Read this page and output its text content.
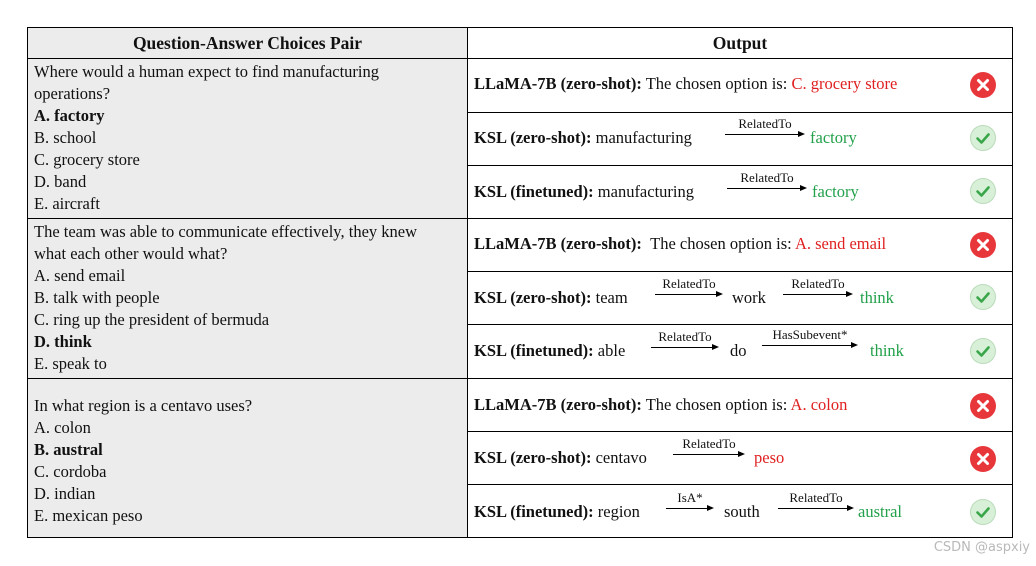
Question-Answer Choices Pair	Output
Where would a human expect to find manufacturing
operations?
A. factory
B. school
C. grocery store
D. band
E. aircraft
The team was able to communicate effectively, they knew
what each other would what?
A. send email
B. talk with people
C. ring up the president of bermuda
D. think
E. speak to
In what region is a centavo uses?
A. colon
B. austral
C. cordoba
D. indian
E. mexican peso
LLaMA-7B (zero-shot): The chosen option is: C. grocery store
KSL (zero-shot): manufacturing
RelatedTo
factory
KSL (finetuned): manufacturing
RelatedTo
factory
LLaMA-7B (zero-shot): The chosen option is: A. send email
KSL (zero-shot): team
RelatedTo
work
RelatedTo
think
KSL (finetuned): able
RelatedTo
do
HasSubevent*
think
LLaMA-7B (zero-shot): The chosen option is: A. colon
KSL (zero-shot): centavo
RelatedTo
peso
KSL (finetuned): region
IsA*
south
RelatedTo
austral
CSDN @aspxiy
